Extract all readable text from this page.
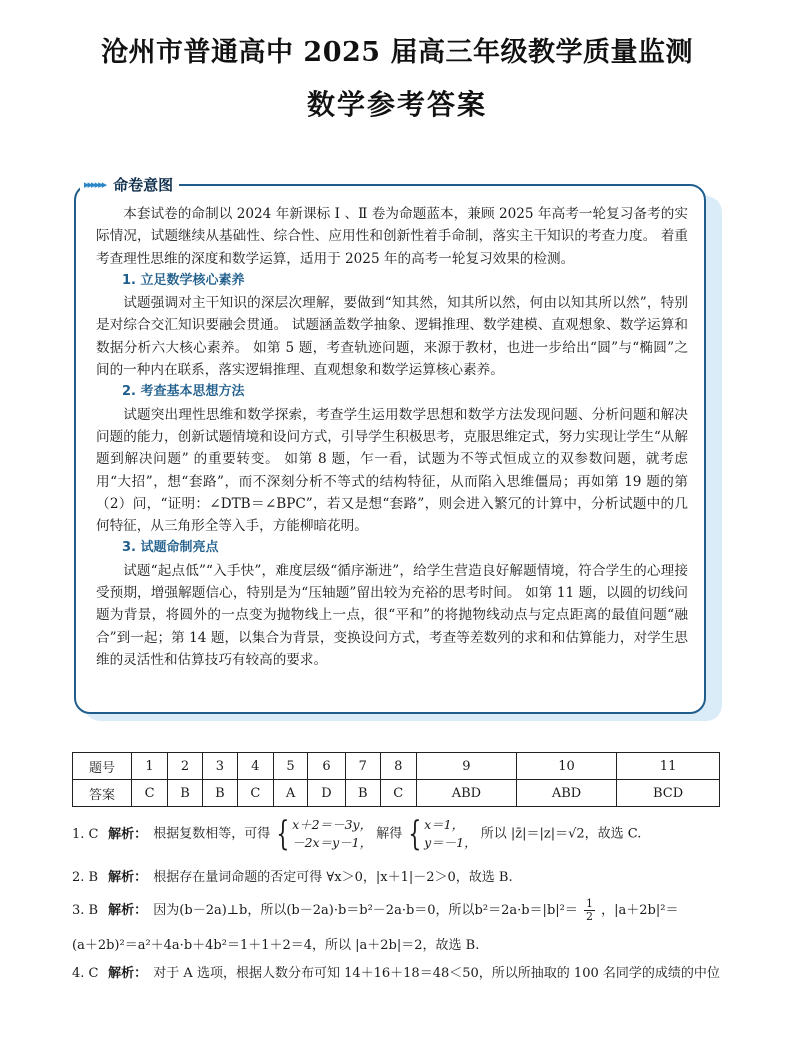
沧州市普通高中 2025 届高三年级教学质量监测
数学参考答案
▸▸▸▸▸▸ 命卷意图

本套试卷的命制以 2024 年新课标 Ⅰ 、Ⅱ 卷为命题蓝本，兼顾 2025 年高考一轮复习备考的实际情况，试题继续从基础性、综合性、应用性和创新性着手命制，落实主干知识的考查力度。 着重考查理性思维的深度和数学运算，适用于 2025 年的高考一轮复习效果的检测。

1. 立足数学核心素养

试题强调对主干知识的深层次理解，要做到“知其然，知其所以然，何由以知其所以然”，特别是对综合交汇知识要融会贯通。 试题涵盖数学抽象、逻辑推理、数学建模、直观想象、数学运算和数据分析六大核心素养。 如第 5 题，考查轨迹问题，来源于教材，也进一步给出“圆”与“椭圆”之间的一种内在联系，落实逻辑推理、直观想象和数学运算核心素养。

2. 考查基本思想方法

试题突出理性思维和数学探索，考查学生运用数学思想和数学方法发现问题、分析问题和解决问题的能力，创新试题情境和设问方式，引导学生积极思考，克服思维定式，努力实现让学生“从解题到解决问题” 的重要转变。 如第 8 题，乍一看，试题为不等式恒成立的双参数问题，就考虑用“大招”，想“套路”，而不深刻分析不等式的结构特征，从而陷入思维僵局；再如第 19 题的第（2）问，“证明：∠DTB＝∠BPC”，若又是想“套路”，则会进入繁冗的计算中，分析试题中的几何特征，从三角形全等入手，方能柳暗花明。

3. 试题命制亮点

试题“起点低”“入手快”，难度层级“循序渐进”，给学生营造良好解题情境，符合学生的心理接受预期，增强解题信心，特别是为“压轴题”留出较为充裕的思考时间。 如第 11 题，以圆的切线问题为背景，将圆外的一点变为抛物线上一点，很“平和”的将抛物线动点与定点距离的最值问题“融合”到一起；第 14 题，以集合为背景，变换设问方式，考查等差数列的求和和估算能力，对学生思维的灵活性和估算技巧有较高的要求。

题号	1	2	3	4	5	6	7	8	9	10	11
答案	C	B	B	C	A	D	B	C	ABD	ABD	BCD
1. C 解析： 根据复数相等，可得 { x＋2＝－3y，
－2x＝y－1，
解得 { x＝1，
y＝－1，
所以 |z̄|＝|z|＝√2，故选 C.
2. B 解析： 根据存在量词命题的否定可得 ∀x＞0，|x＋1|－2＞0，故选 B.
3. B 解析： 因为(b－2a)⊥b，所以(b－2a)·b＝b²－2a·b＝0，所以$b^2=2a\cdot b=|b|^2= \frac{1}{2}$ ，|a＋2b|²＝
(a＋2b)²＝a²＋4a·b＋4b²＝1＋1＋2＝4，所以 |a＋2b|＝2，故选 B.
4. C 解析： 对于 A 选项，根据人数分布可知 14＋16＋18＝48＜50，所以所抽取的 100 名同学的成绩的中位
